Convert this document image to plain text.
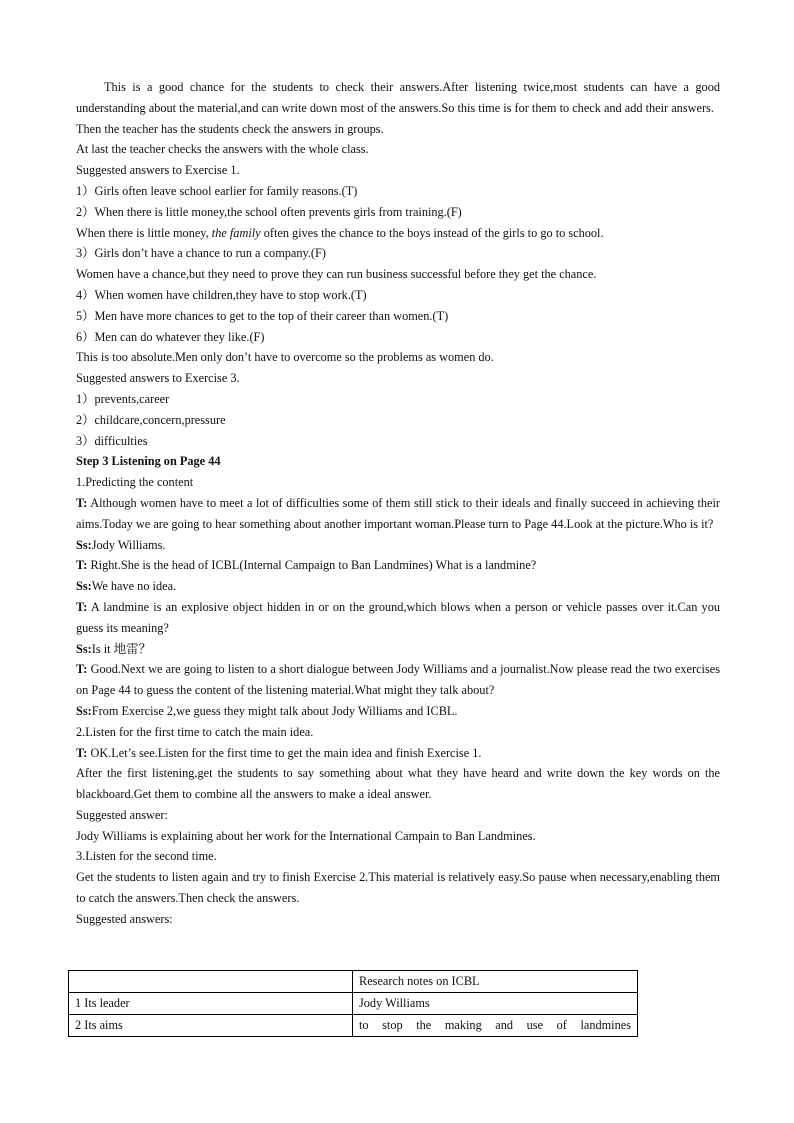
This is a good chance for the students to check their answers.After listening twice,most students can have a good understanding about the material,and can write down most of the answers.So this time is for them to check and add their answers.

Then the teacher has the students check the answers in groups.

At last the teacher checks the answers with the whole class.

Suggested answers to Exercise 1.

1）Girls often leave school earlier for family reasons.(T)

2）When there is little money,the school often prevents girls from training.(F)

When there is little money, the family often gives the chance to the boys instead of the girls to go to school.

3）Girls don’t have a chance to run a company.(F)

Women have a chance,but they need to prove they can run business successful before they get the chance.

4）When women have children,they have to stop work.(T)

5）Men have more chances to get to the top of their career than women.(T)

6）Men can do whatever they like.(F)

This is too absolute.Men only don’t have to overcome so the problems as women do.

Suggested answers to Exercise 3.

1）prevents,career

2）childcare,concern,pressure

3）difficulties

Step 3 Listening on Page 44

1.Predicting the content

T: Although women have to meet a lot of difficulties some of them still stick to their ideals and finally succeed in achieving their aims.Today we are going to hear something about another important woman.Please turn to Page 44.Look at the picture.Who is it?

Ss:Jody Williams.

T: Right.She is the head of ICBL(Internal Campaign to Ban Landmines) What is a landmine?

Ss:We have no idea.

T: A landmine is an explosive object hidden in or on the ground,which blows when a person or vehicle passes over it.Can you guess its meaning?

Ss:Is it 地雷？

T: Good.Next we are going to listen to a short dialogue between Jody Williams and a journalist.Now please read the two exercises on Page 44 to guess the content of the listening material.What might they talk about?

Ss:From Exercise 2,we guess they might talk about Jody Williams and ICBL.

2.Listen for the first time to catch the main idea.

T: OK.Let’s see.Listen for the first time to get the main idea and finish Exercise 1.

After the first listening,get the students to say something about what they have heard and write down the key words on the blackboard.Get them to combine all the answers to make a ideal answer.

Suggested answer:

Jody Williams is explaining about her work for the International Campain to Ban Landmines.

3.Listen for the second time.

Get the students to listen again and try to finish Exercise 2.This material is relatively easy.So pause when necessary,enabling them to catch the answers.Then check the answers.

Suggested answers:

	Research notes on ICBL
1 Its leader	Jody Williams
2 Its aims	to stop the making and use of landmines
